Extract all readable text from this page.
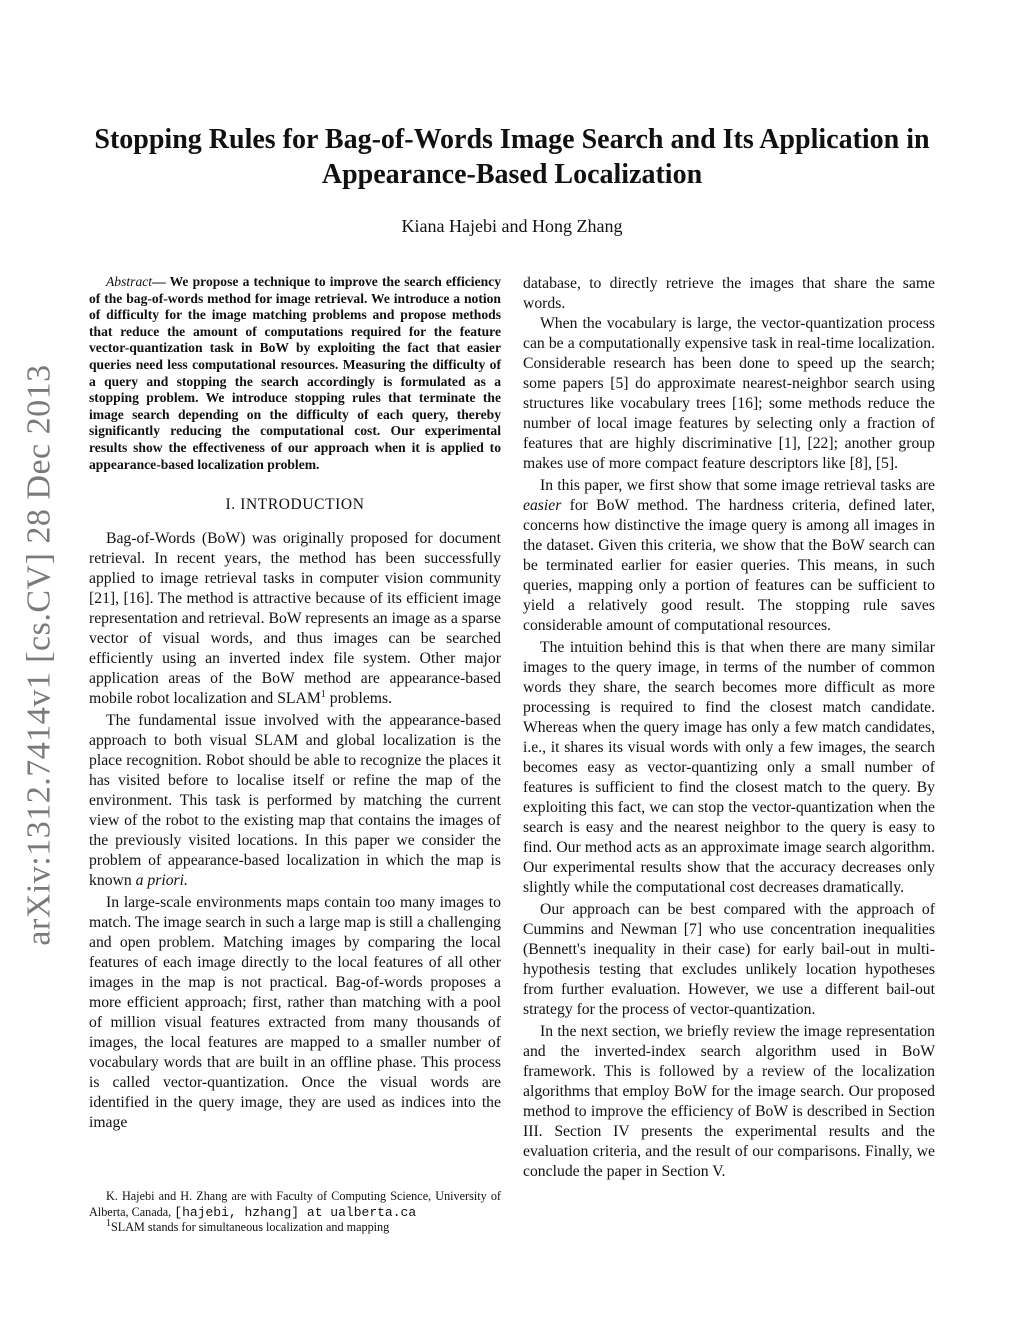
arXiv:1312.7414v1 [cs.CV] 28 Dec 2013
Stopping Rules for Bag-of-Words Image Search and Its Application in
Appearance-Based Localization
Kiana Hajebi and Hong Zhang

Abstract— We propose a technique to improve the search efficiency of the bag-of-words method for image retrieval. We introduce a notion of difficulty for the image matching problems and propose methods that reduce the amount of computations required for the feature vector-quantization task in BoW by exploiting the fact that easier queries need less computational resources. Measuring the difficulty of a query and stopping the search accordingly is formulated as a stopping problem. We introduce stopping rules that terminate the image search depending on the difficulty of each query, thereby significantly reducing the computational cost. Our experimental results show the effectiveness of our approach when it is applied to appearance-based localization problem.

I. INTRODUCTION

Bag-of-Words (BoW) was originally proposed for document retrieval. In recent years, the method has been successfully applied to image retrieval tasks in computer vision community [21], [16]. The method is attractive because of its efficient image representation and retrieval. BoW represents an image as a sparse vector of visual words, and thus images can be searched efficiently using an inverted index file system. Other major application areas of the BoW method are appearance-based mobile robot localization and SLAM$^1$ problems.

The fundamental issue involved with the appearance-based approach to both visual SLAM and global localization is the place recognition. Robot should be able to recognize the places it has visited before to localise itself or refine the map of the environment. This task is performed by matching the current view of the robot to the existing map that contains the images of the previously visited locations. In this paper we consider the problem of appearance-based localization in which the map is known a priori.

In large-scale environments maps contain too many images to match. The image search in such a large map is still a challenging and open problem. Matching images by comparing the local features of each image directly to the local features of all other images in the map is not practical. Bag-of-words proposes a more efficient approach; first, rather than matching with a pool of million visual features extracted from many thousands of images, the local features are mapped to a smaller number of vocabulary words that are built in an offline phase. This process is called vector-quantization. Once the visual words are identified in the query image, they are used as indices into the image

K. Hajebi and H. Zhang are with Faculty of Computing Science, University of Alberta, Canada, [hajebi, hzhang] at ualberta.ca

$^1$SLAM stands for simultaneous localization and mapping

database, to directly retrieve the images that share the same words.

When the vocabulary is large, the vector-quantization process can be a computationally expensive task in real-time localization. Considerable research has been done to speed up the search; some papers [5] do approximate nearest-neighbor search using structures like vocabulary trees [16]; some methods reduce the number of local image features by selecting only a fraction of features that are highly discriminative [1], [22]; another group makes use of more compact feature descriptors like [8], [5].

In this paper, we first show that some image retrieval tasks are easier for BoW method. The hardness criteria, defined later, concerns how distinctive the image query is among all images in the dataset. Given this criteria, we show that the BoW search can be terminated earlier for easier queries. This means, in such queries, mapping only a portion of features can be sufficient to yield a relatively good result. The stopping rule saves considerable amount of computational resources.

The intuition behind this is that when there are many similar images to the query image, in terms of the number of common words they share, the search becomes more difficult as more processing is required to find the closest match candidate. Whereas when the query image has only a few match candidates, i.e., it shares its visual words with only a few images, the search becomes easy as vector-quantizing only a small number of features is sufficient to find the closest match to the query. By exploiting this fact, we can stop the vector-quantization when the search is easy and the nearest neighbor to the query is easy to find. Our method acts as an approximate image search algorithm. Our experimental results show that the accuracy decreases only slightly while the computational cost decreases dramatically.

Our approach can be best compared with the approach of Cummins and Newman [7] who use concentration inequalities (Bennett's inequality in their case) for early bail-out in multi-hypothesis testing that excludes unlikely location hypotheses from further evaluation. However, we use a different bail-out strategy for the process of vector-quantization.

In the next section, we briefly review the image representation and the inverted-index search algorithm used in BoW framework. This is followed by a review of the localization algorithms that employ BoW for the image search. Our proposed method to improve the efficiency of BoW is described in Section III. Section IV presents the experimental results and the evaluation criteria, and the result of our comparisons. Finally, we conclude the paper in Section V.
